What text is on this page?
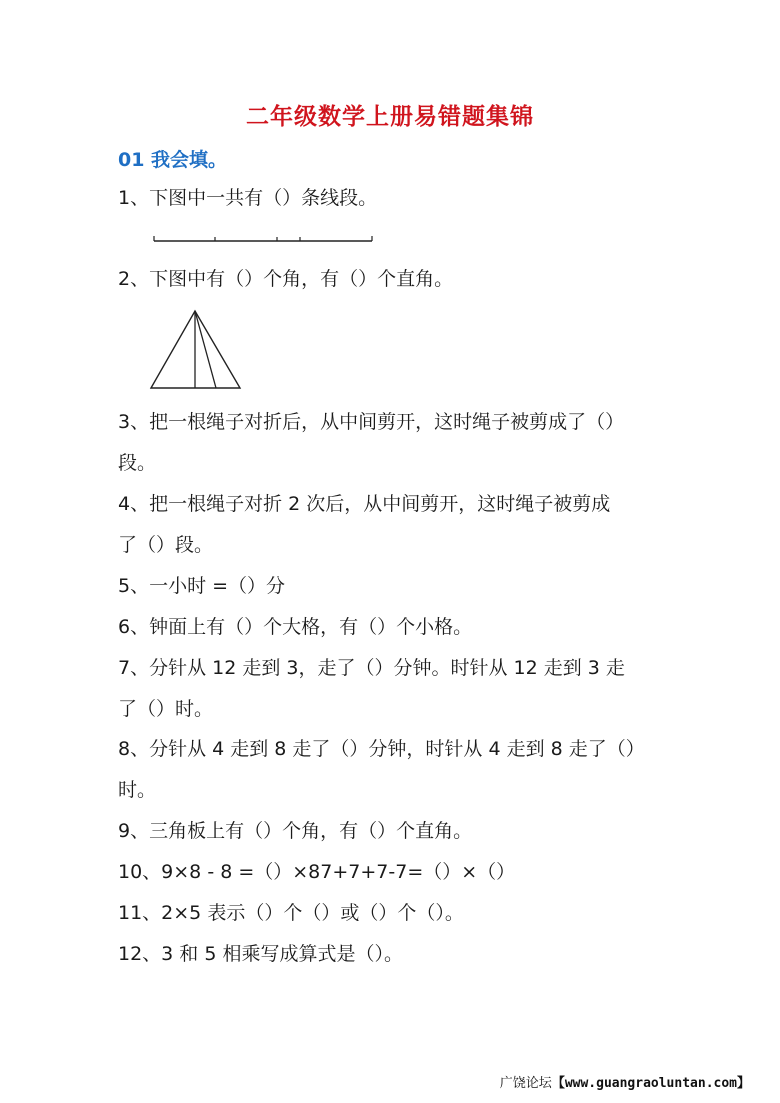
二年级数学上册易错题集锦
01 我会填。
1、下图中一共有（）条线段。
2、下图中有（）个角，有（）个直角。
3、把一根绳子对折后，从中间剪开，这时绳子被剪成了（）
段。
4、把一根绳子对折 2 次后，从中间剪开，这时绳子被剪成
了（）段。
5、一小时 =（）分
6、钟面上有（）个大格，有（）个小格。
7、分针从 12 走到 3，走了（）分钟。时针从 12 走到 3 走
了（）时。
8、分针从 4 走到 8 走了（）分钟，时针从 4 走到 8 走了（）
时。
9、三角板上有（）个角，有（）个直角。
10、9×8 - 8 =（）×87+7+7-7=（）×（）
11、2×5 表示（）个（）或（）个（）。
12、3 和 5 相乘写成算式是（）。
广饶论坛【www.guangraoluntan.com】
